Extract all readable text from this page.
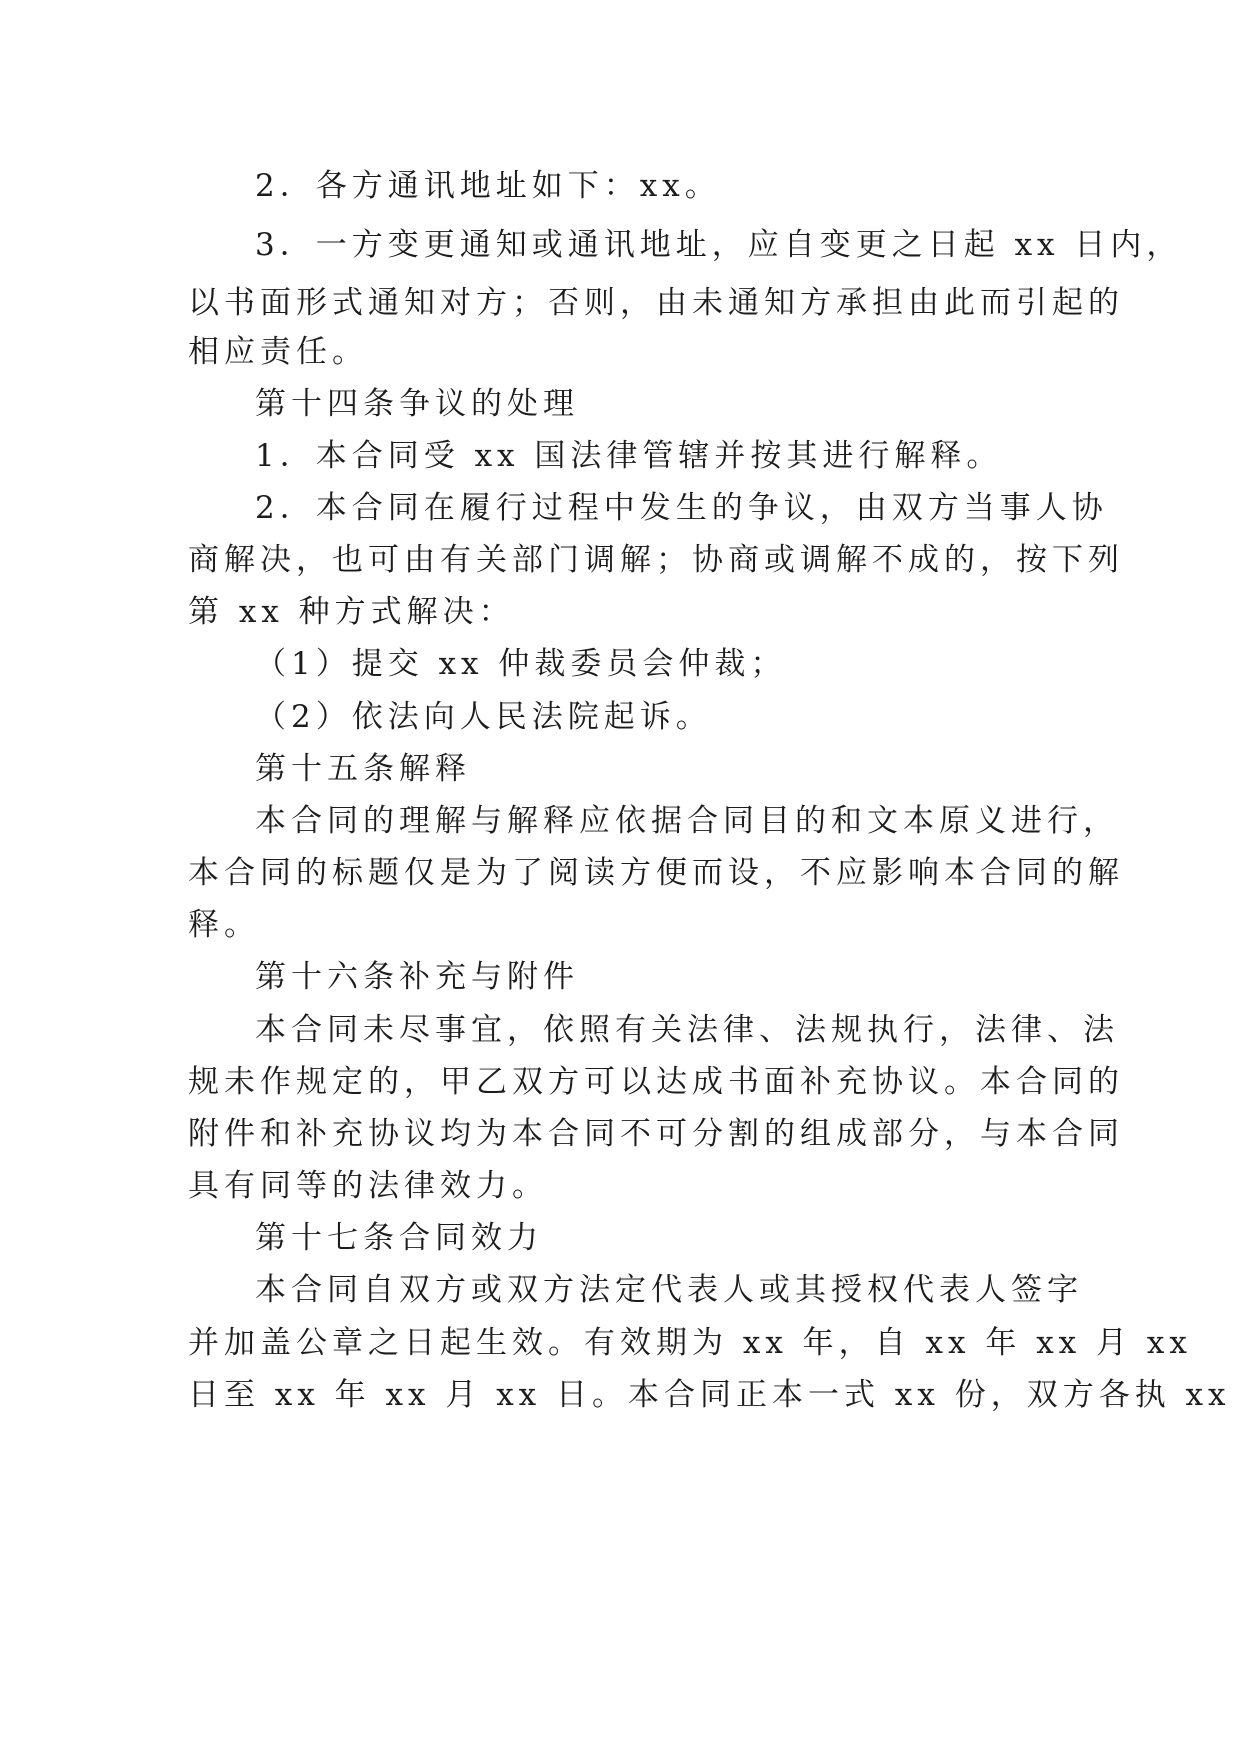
2．各方通讯地址如下：xx。
3．一方变更通知或通讯地址，应自变更之日起 xx 日内，
以书面形式通知对方；否则，由未通知方承担由此而引起的
相应责任。
第十四条争议的处理
1．本合同受 xx 国法律管辖并按其进行解释。
2．本合同在履行过程中发生的争议，由双方当事人协
商解决，也可由有关部门调解；协商或调解不成的，按下列
第 xx 种方式解决：
（1）提交 xx 仲裁委员会仲裁；
（2）依法向人民法院起诉。
第十五条解释
本合同的理解与解释应依据合同目的和文本原义进行，
本合同的标题仅是为了阅读方便而设，不应影响本合同的解
释。
第十六条补充与附件
本合同未尽事宜，依照有关法律、法规执行，法律、法
规未作规定的，甲乙双方可以达成书面补充协议。本合同的
附件和补充协议均为本合同不可分割的组成部分，与本合同
具有同等的法律效力。
第十七条合同效力
本合同自双方或双方法定代表人或其授权代表人签字
并加盖公章之日起生效。有效期为 xx 年，自 xx 年 xx 月 xx
日至 xx 年 xx 月 xx 日。本合同正本一式 xx 份，双方各执 xx
